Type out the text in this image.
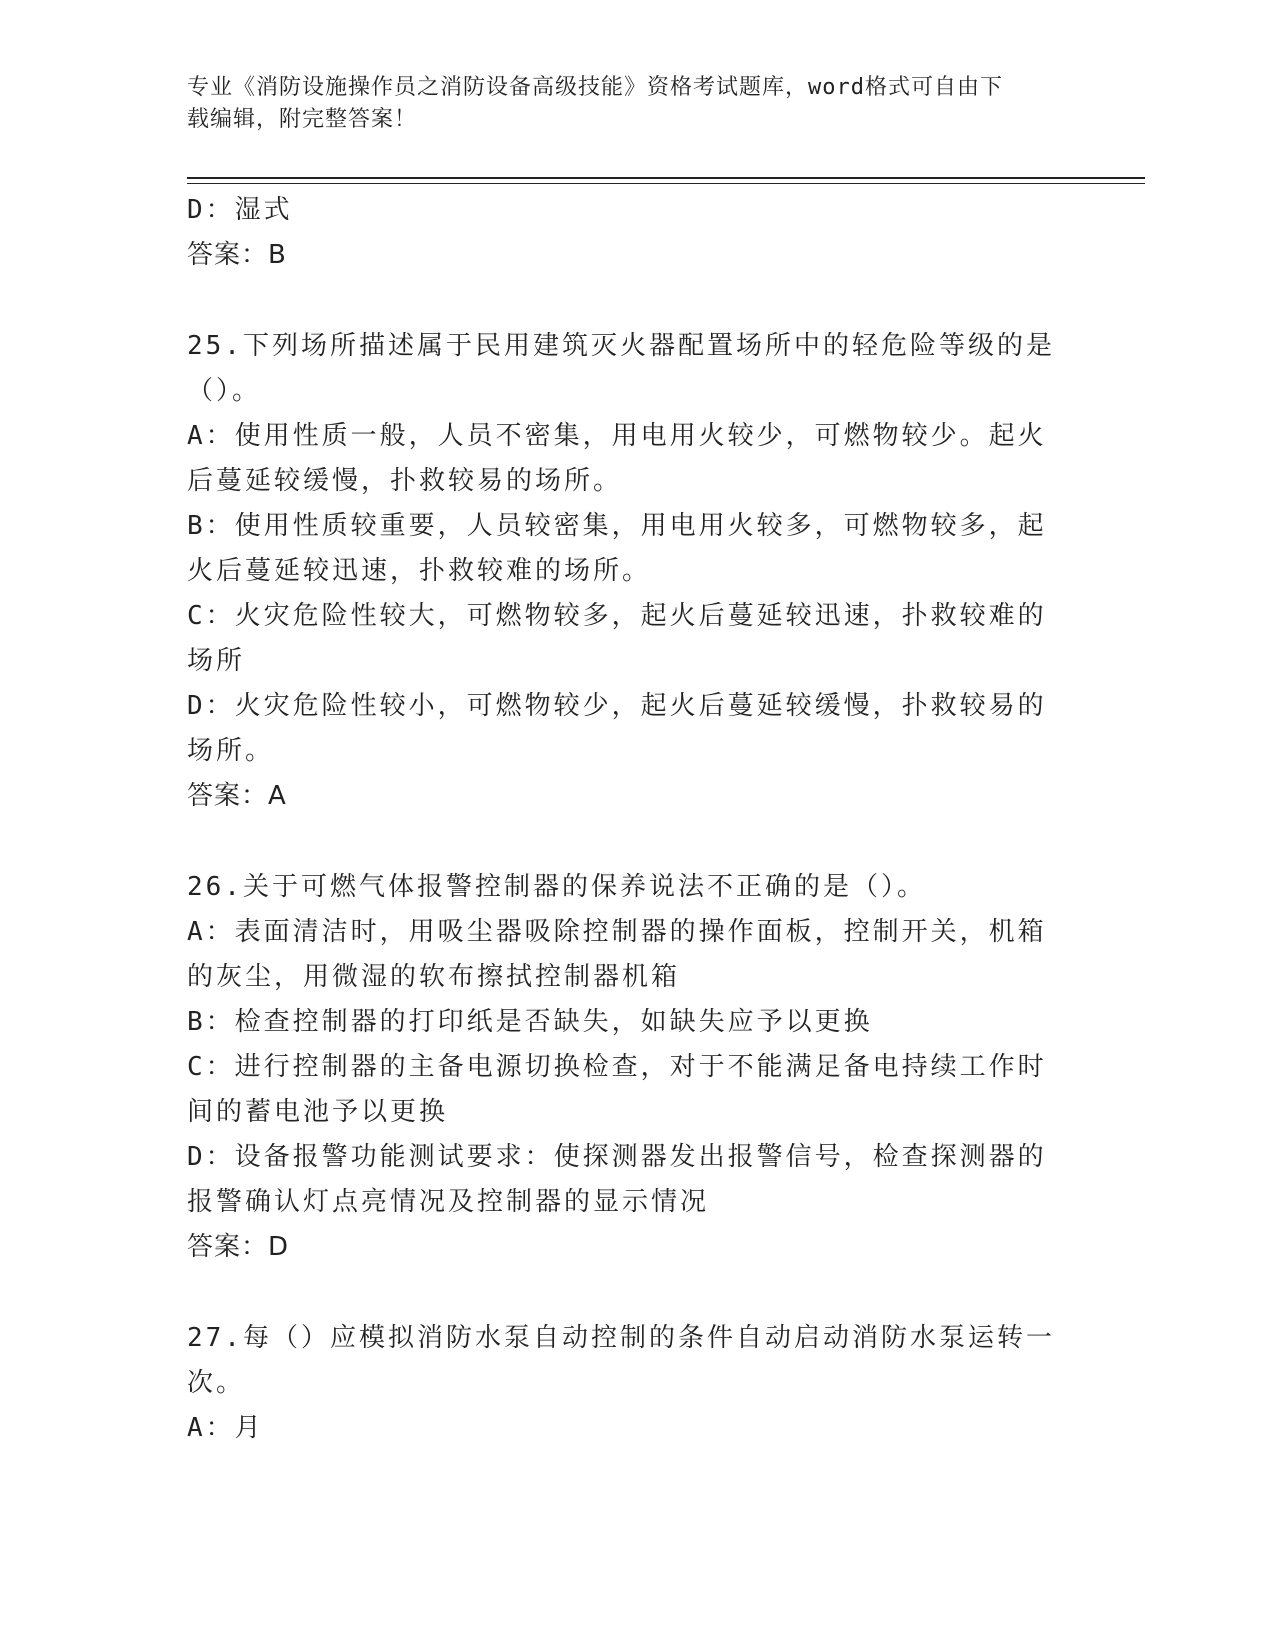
专业《消防设施操作员之消防设备高级技能》资格考试题库，word格式可自由下
载编辑，附完整答案！
D：湿式
答案：B
25.下列场所描述属于民用建筑灭火器配置场所中的轻危险等级的是（）。
A：使用性质一般，人员不密集，用电用火较少，可燃物较少。起火后蔓延较缓慢，扑救较易的场所。
B：使用性质较重要，人员较密集，用电用火较多，可燃物较多，起火后蔓延较迅速，扑救较难的场所。
C：火灾危险性较大，可燃物较多，起火后蔓延较迅速，扑救较难的场所
D：火灾危险性较小，可燃物较少，起火后蔓延较缓慢，扑救较易的场所。
答案：A
26.关于可燃气体报警控制器的保养说法不正确的是（）。
A：表面清洁时，用吸尘器吸除控制器的操作面板，控制开关，机箱的灰尘，用微湿的软布擦拭控制器机箱
B：检查控制器的打印纸是否缺失，如缺失应予以更换
C：进行控制器的主备电源切换检查，对于不能满足备电持续工作时间的蓄电池予以更换
D：设备报警功能测试要求：使探测器发出报警信号，检查探测器的报警确认灯点亮情况及控制器的显示情况
答案：D
27.每（）应模拟消防水泵自动控制的条件自动启动消防水泵运转一次。
A：月
